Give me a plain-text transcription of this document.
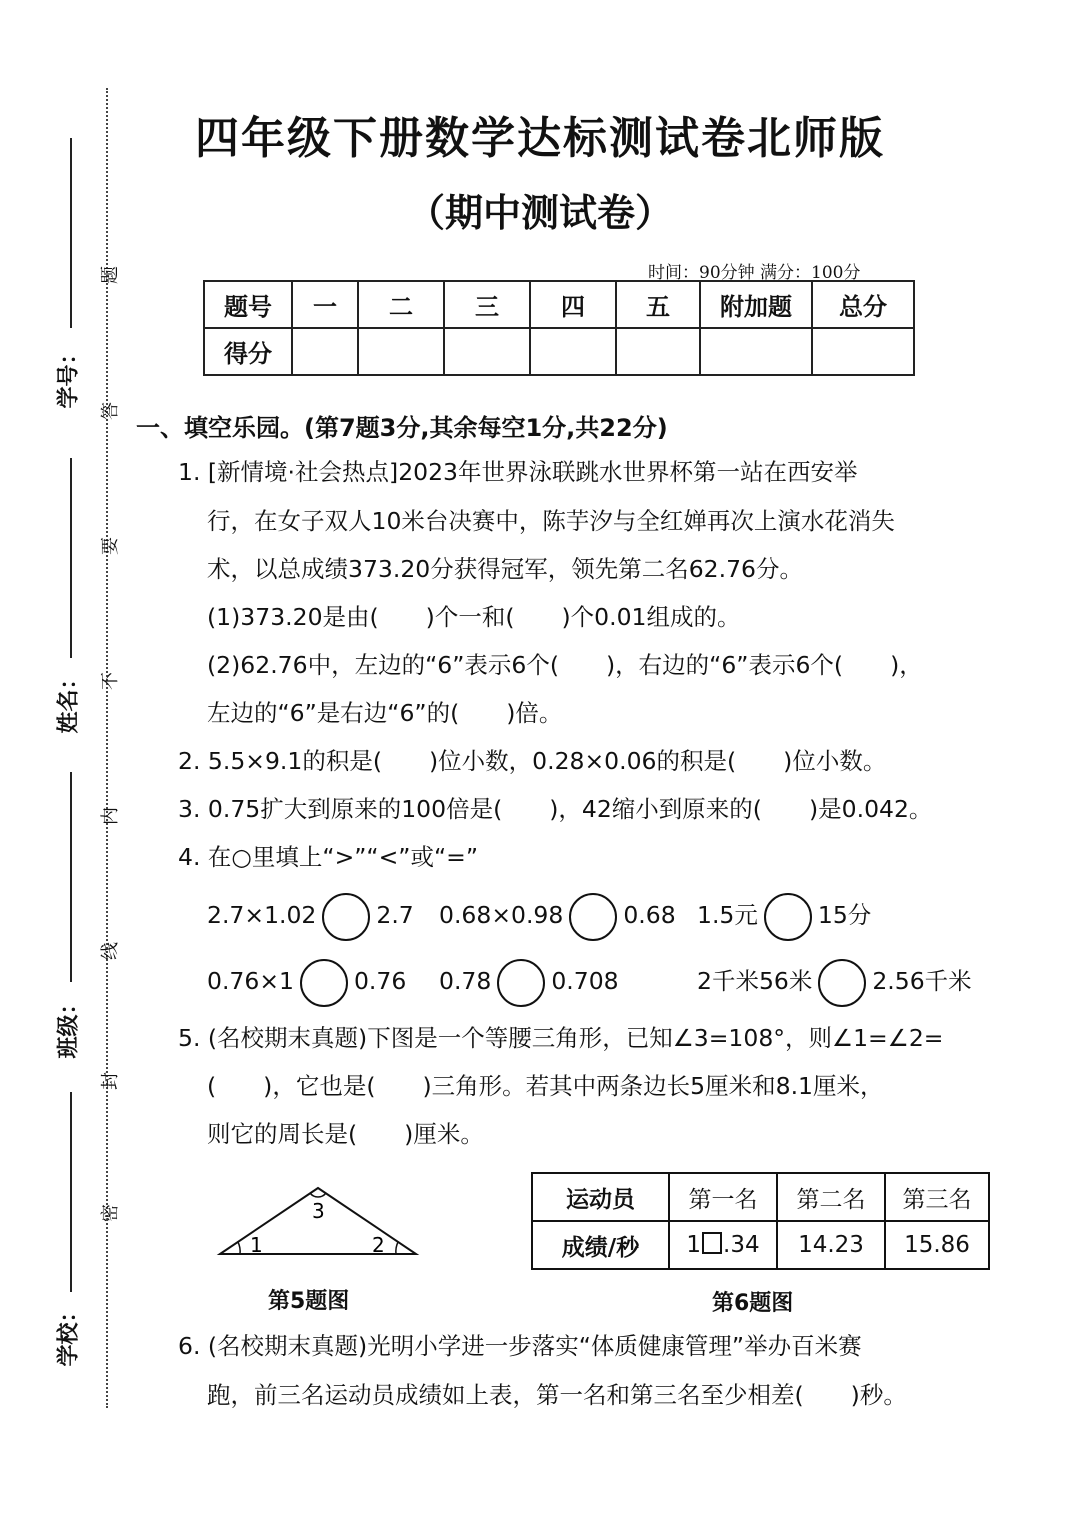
学号：
姓名：
班级：
学校：
题
答
要
不
内
线
封
密
四年级下册数学达标测试卷北师版
（期中测试卷）
时间：90分钟 满分：100分
题号	一	二	三	四	五	附加题	总分
得分							
一、填空乐园。(第7题3分,其余每空1分,共22分)
1. [新情境·社会热点]2023年世界泳联跳水世界杯第一站在西安举
行，在女子双人10米台决赛中，陈芋汐与全红婵再次上演水花消失
术，以总成绩373.20分获得冠军，领先第二名62.76分。
(1)373.20是由(　　)个一和(　　)个0.01组成的。
(2)62.76中，左边的“6”表示6个(　　)，右边的“6”表示6个(　　)，
左边的“6”是右边“6”的(　　)倍。
2. 5.5×9.1的积是(　　)位小数，0.28×0.06的积是(　　)位小数。
3. 0.75扩大到原来的100倍是(　　)，42缩小到原来的(　　)是0.042。
4. 在○里填上“>”“<”或“=”
2.7×1.02	2.7 0.68×0.98	0.68 1.5元	15分
0.76×1	0.76 0.78	0.708	2千米56米	2.56千米
5. (名校期末真题)下图是一个等腰三角形，已知∠3=108°，则∠1=∠2=
(　　)，它也是(　　)三角形。若其中两条边长5厘米和8.1厘米，
则它的周长是(　　)厘米。
1	2
3
第5题图
运动员	第一名	第二名	第三名
成绩/秒	1 .34	14.23	15.86
第6题图
6. (名校期末真题)光明小学进一步落实“体质健康管理”举办百米赛
跑，前三名运动员成绩如上表，第一名和第三名至少相差(　　)秒。
